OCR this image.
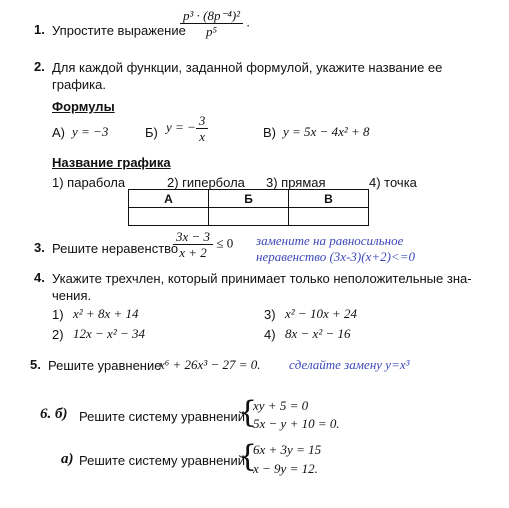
1. Упростите выражение
$\frac{\text{p³ · (8p⁻⁴)²}}{\text{p⁵}}$ .
2. Для каждой функции, заданной формулой, укажите название ее
графика.
Формулы
А) y = −3	Б) y = − $\frac{3}{x}$	В) y = 5x − 4x² + 8
Название графика
1) парабола	2) гипербола 3) прямая	4) точка
А	Б	В

3. Решите неравенство
$\frac{3x - 3}{x + 2} \le 0$ замените на равносильное
неравенство (3x-3)(x+2)<=0
4. Укажите трехчлен, который принимает только неположительные зна-
чения.
1) x² + 8x + 14	3) x² − 10x + 24
2) 12x − x² − 34	4) 8x − x² − 16
5. Решите уравнение
x⁶ + 26x³ − 27 = 0. сделайте замену y=x³
6. б) Решите систему уравнений
{
xy + 5 = 0
5x − y + 10 = 0.
а) Решите систему уравнений
{
6x + 3y = 15
x − 9y = 12.
